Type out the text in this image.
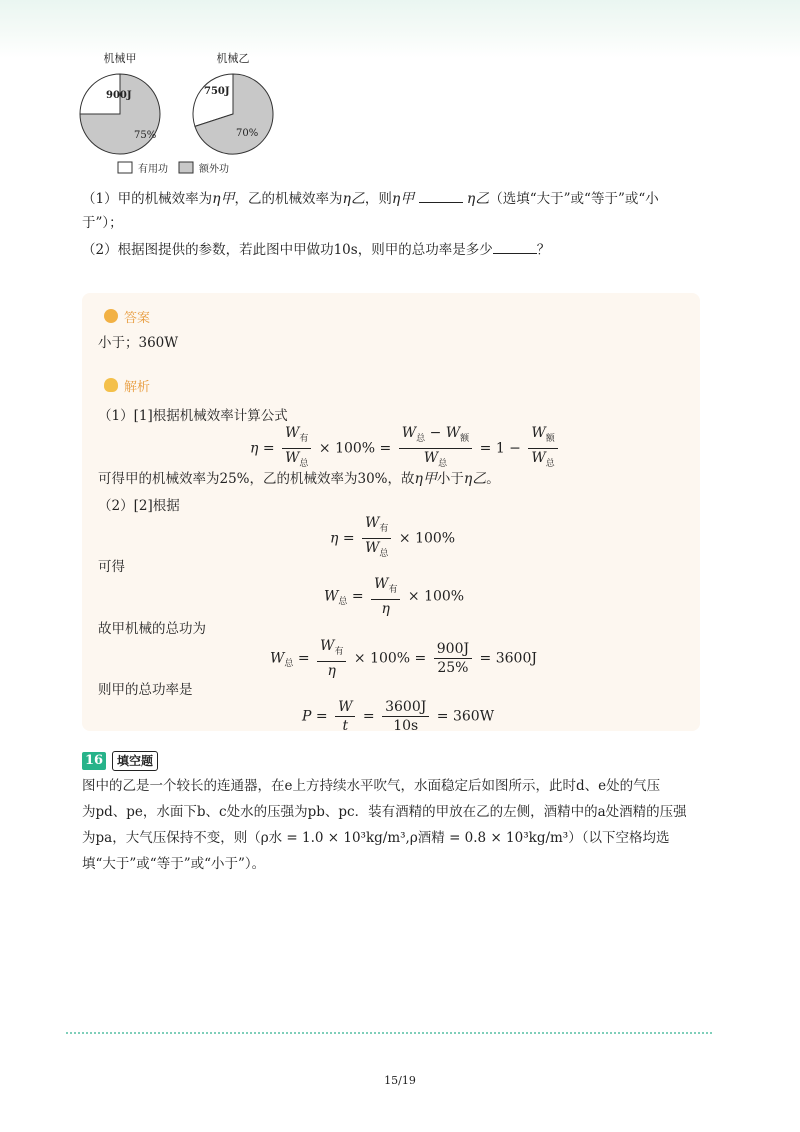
机械甲	机械乙
900J
75%
750J
70%
有用功	额外功
（1）甲的机械效率为η甲，乙的机械效率为η乙，则η甲	η乙（选填“大于”或“等于”或“小
于”）；
（2）根据图提供的参数，若此图中甲做功10s，则甲的总功率是多少	？
答案
小于；360W
解析
（1）[1]根据机械效率计算公式
$\eta = \frac{W_有}{W_总} \times 100\% = \frac{W_总 - W_额}{W_总} = 1 - \frac{W_额}{W_总}$
可得甲的机械效率为25%，乙的机械效率为30%，故η甲小于η乙。
（2）[2]根据
$\eta = \frac{W_有}{W_总} \times 100\%$
可得
$W_总 = \frac{W_有}{\eta} \times 100\%$
故甲机械的总功为
$W_总 = \frac{W_有}{\eta} \times 100\% = \frac{900J}{25\%} = 3600J$
则甲的总功率是
$P = \frac{W}{t} = \frac{3600J}{10s} = 360W$
16	填空题
图中的乙是一个较长的连通器，在e上方持续水平吹气，水面稳定后如图所示，此时d、e处的气压
为pd、pe，水面下b、c处水的压强为pb、pc．装有酒精的甲放在乙的左侧，酒精中的a处酒精的压强
为pa，大气压保持不变，则（ρ水 = 1.0 × 10³kg/m³,ρ酒精 = 0.8 × 10³kg/m³）（以下空格均选
填“大于”或“等于”或“小于”）。
15/19
